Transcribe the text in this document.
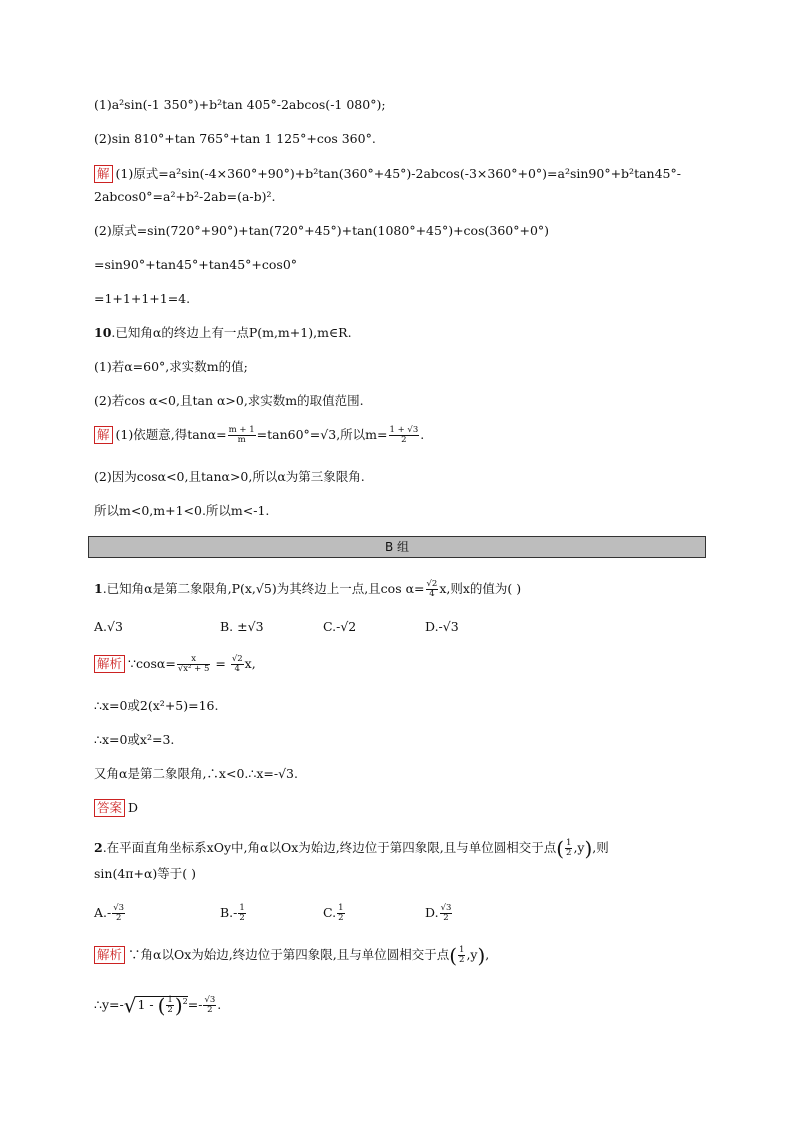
(1)a²sin(-1 350°)+b²tan 405°-2abcos(-1 080°);
(2)sin 810°+tan 765°+tan 1 125°+cos 360°.
解 (1)原式=a²sin(-4×360°+90°)+b²tan(360°+45°)-2abcos(-3×360°+0°)=a²sin90°+b²tan45°-
2abcos0°=a²+b²-2ab=(a-b)².
(2)原式=sin(720°+90°)+tan(720°+45°)+tan(1080°+45°)+cos(360°+0°)
=sin90°+tan45°+tan45°+cos0°
=1+1+1+1=4.
10.已知角α的终边上有一点P(m,m+1),m∈R.
(1)若α=60°,求实数m的值;
(2)若cos α<0,且tan α>0,求实数m的取值范围.
解 (1)依题意,得$\tan\alpha= \frac{m + 1}{m} =\tan 60^\circ=√3$,所以$m= \frac{1 + √3}{2}$ .
(2)因为cosα<0,且tanα>0,所以α为第三象限角.
所以m<0,m+1<0.所以m<-1.
B 组
1.已知角α是第二象限角,P(x,√5)为其终边上一点,且$\cos \alpha= \frac{√2}{4} x$,则x的值为( )
A.√3	B. ±√3	C.-√2	D.-√3
解析 ∵cosα= $\frac{x}{\text{√x² + 5}} = \frac{√2}{4} x$,
∴x=0或2(x²+5)=16.
∴x=0或x²=3.
又角α是第二象限角,∴x<0.∴x=-√3.
答案 D
2.在平面直角坐标系xOy中,角α以Ox为始边,终边位于第四象限,且与单位圆相交于点( $\frac{1}{2} ,y$),则
sin(4π+α)等于( )
$A.- \frac{√3}{2}$	$B.- \frac{1}{2}$	C. $\frac{1}{2}$	D. $\frac{√3}{2}$
解析 ∵角α以Ox为始边,终边位于第四象限,且与单位圆相交于点( $\frac{1}{2} ,y$),
∴y=-√1 - ( $\frac{1}{2} )^2=- \frac{√3}{2}$ .
